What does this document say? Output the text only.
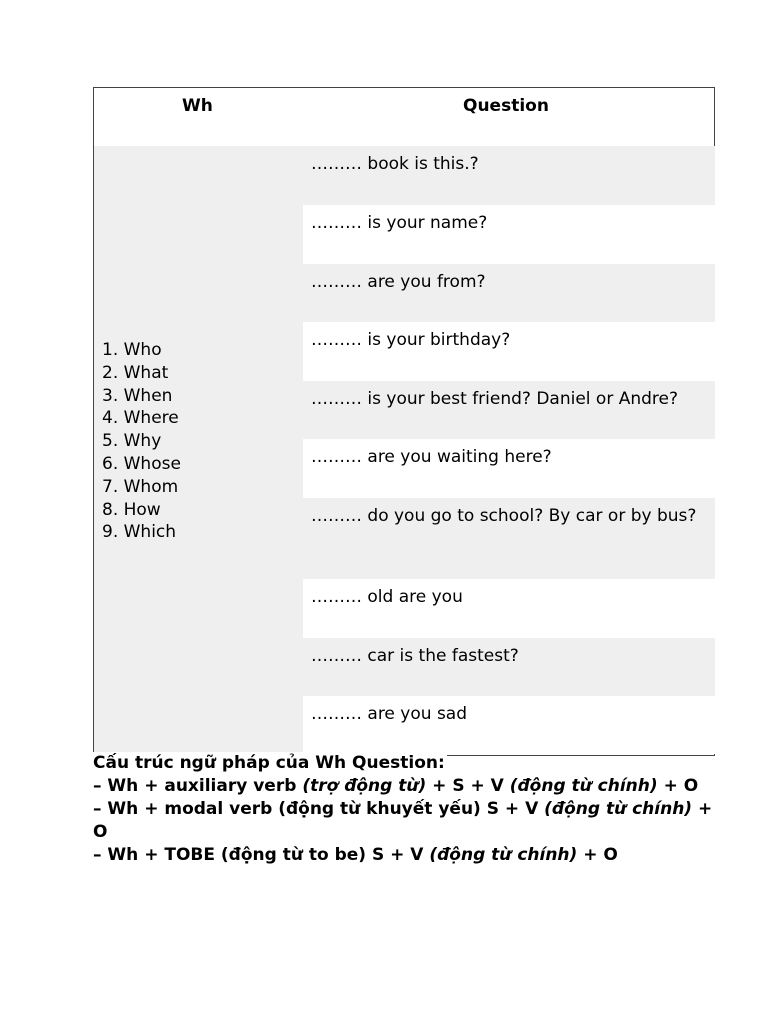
Wh	Question
1. Who
2. What
3. When
4. Where
5. Why
6. Whose
7. Whom
8. How
9. Which
……… book is this.?
……… is your name?
……… are you from?
……… is your birthday?
……… is your best friend? Daniel or Andre?
……… are you waiting here?
……… do you go to school? By car or by bus?
……… old are you
……… car is the fastest?
……… are you sad

Cấu trúc ngữ pháp của Wh Question:

– Wh + auxiliary verb (trợ động từ) + S + V (động từ chính) + O

– Wh + modal verb (động từ khuyết yếu) S + V (động từ chính) + O

– Wh + TOBE (động từ to be) S + V (động từ chính) + O
